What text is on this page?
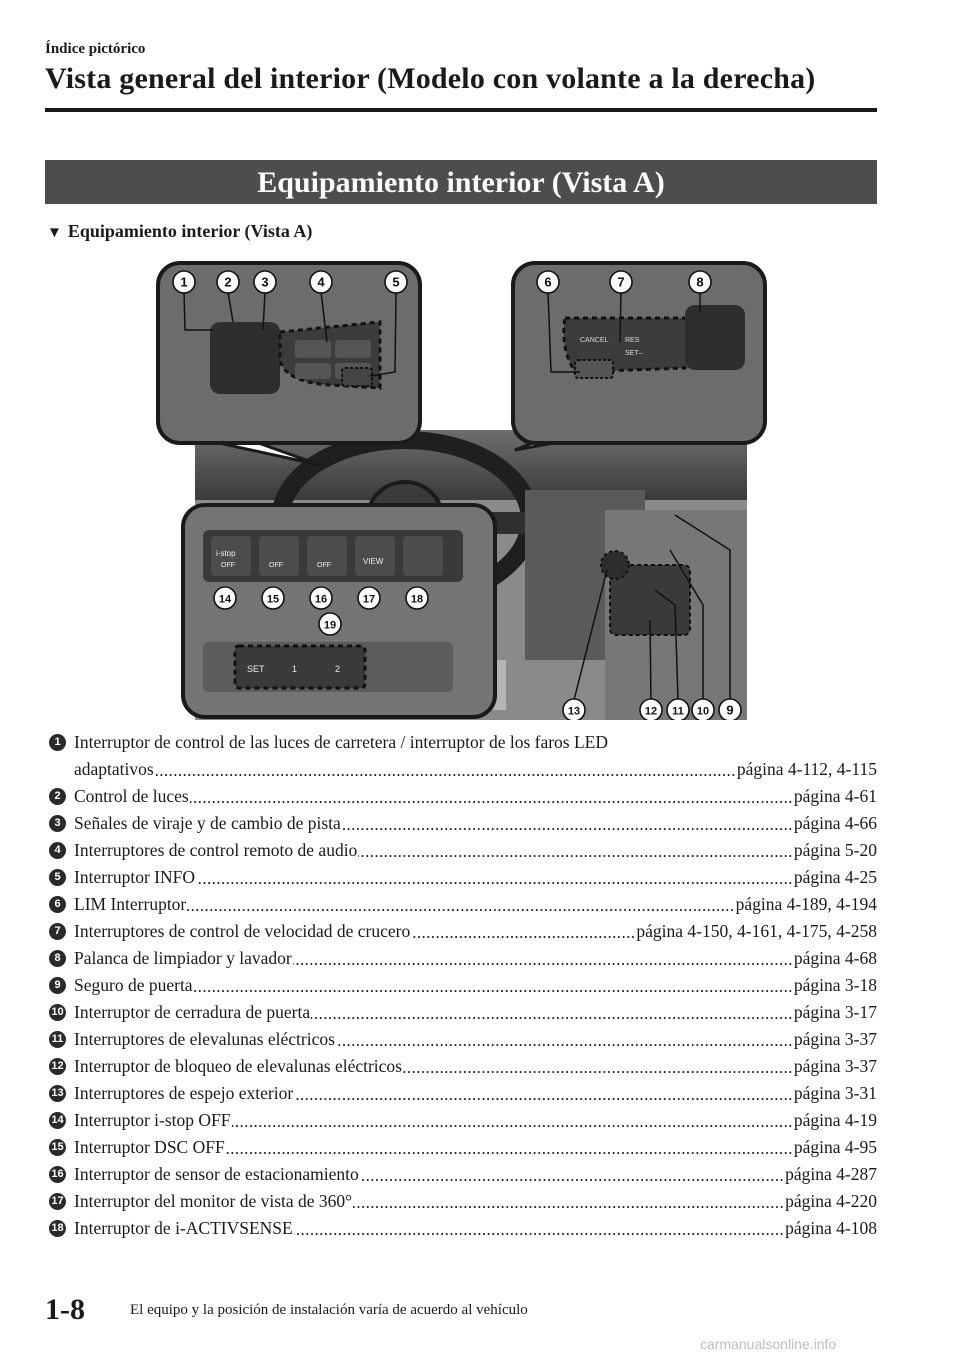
Índice pictórico
Vista general del interior (Modelo con volante a la derecha)
Equipamiento interior (Vista A)
▼ Equipamiento interior (Vista A)
CANCEL RES
SET–
i-stop
OFF	OFF	OFF	VIEW
SET	1	2
1	2 3	4	5	6	7	8
9
10
11
12
13
14	15	16	17	18
19
1 Interruptor de control de las luces de carretera / interruptor de los faros LED
adaptativos .....	página 4-112, 4-115
2 Control de luces .....	página 4-61
3 Señales de viraje y de cambio de pista .....	página 4-66
4 Interruptores de control remoto de audio .....	página 5-20
5 Interruptor INFO .....	página 4-25
6 LIM Interruptor .....	página 4-189, 4-194
7 Interruptores de control de velocidad de crucero .....	página 4-150, 4-161, 4-175, 4-258
8 Palanca de limpiador y lavador .....	página 4-68
9 Seguro de puerta .....	página 3-18
10 Interruptor de cerradura de puerta .....	página 3-17
11 Interruptores de elevalunas eléctricos .....	página 3-37
12 Interruptor de bloqueo de elevalunas eléctricos .....	página 3-37
13 Interruptores de espejo exterior .....	página 3-31
14 Interruptor i-stop OFF .....	página 4-19
15 Interruptor DSC OFF .....	página 4-95
16 Interruptor de sensor de estacionamiento .....	página 4-287
17 Interruptor del monitor de vista de 360° .....	página 4-220
18 Interruptor de i-ACTIVSENSE .....	página 4-108
1-8	El equipo y la posición de instalación varía de acuerdo al vehículo
carmanualsonline.info
